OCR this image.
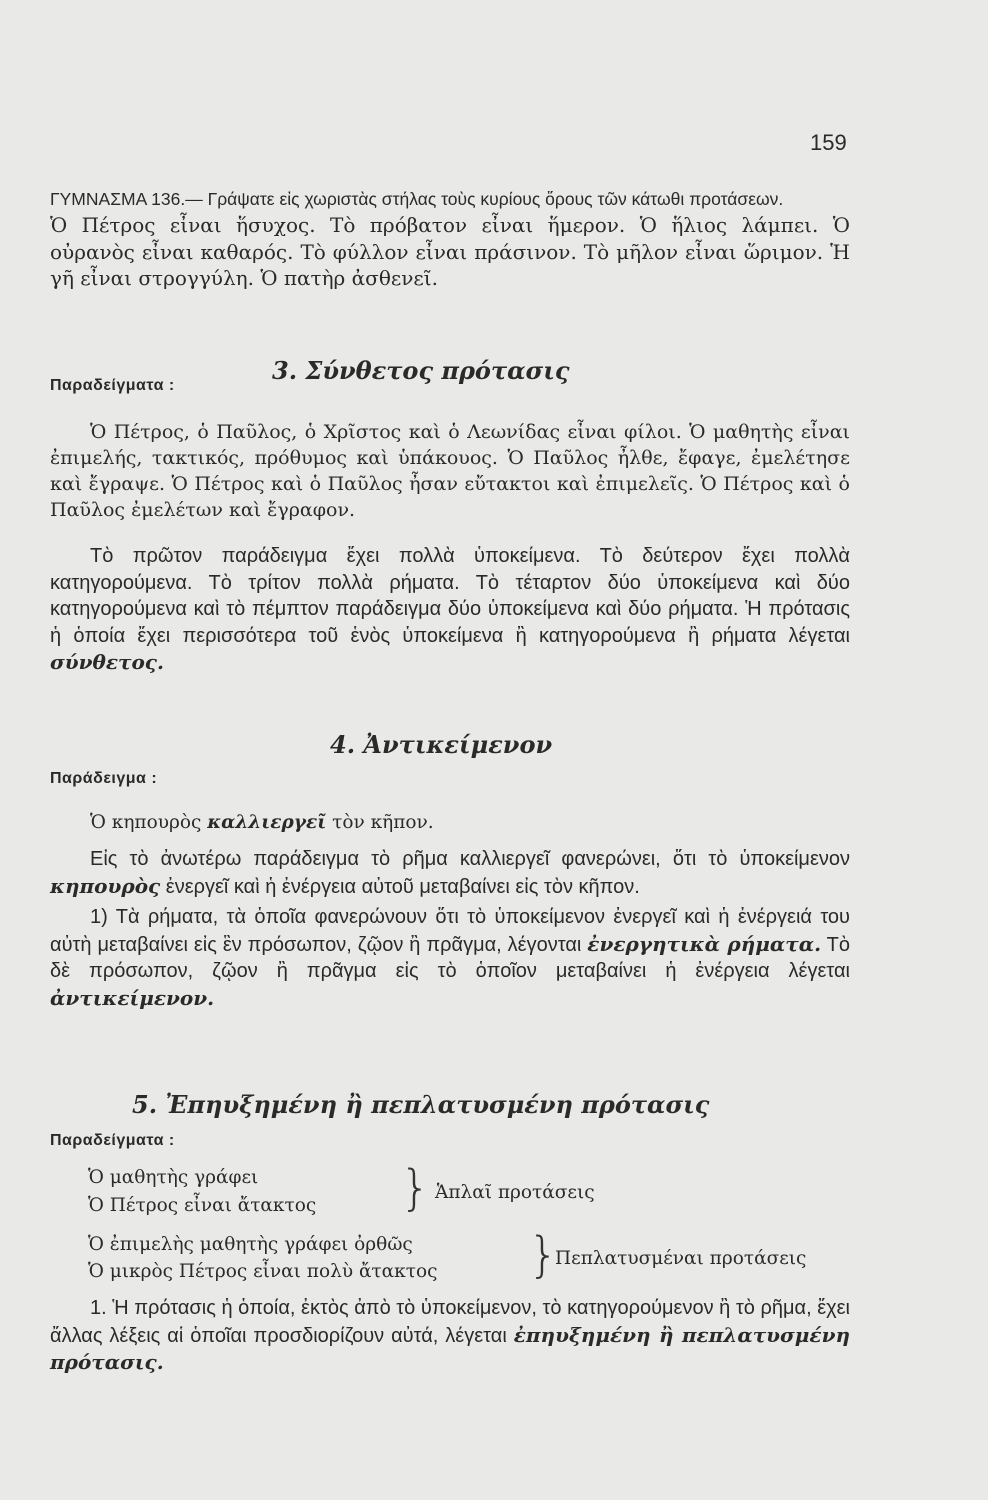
159

ΓΥΜΝΑΣΜΑ 136.— Γράψατε εἰς χωριστὰς στήλας τοὺς κυρίους ὅρους τῶν κάτωθι προτάσεων.

Ὁ Πέτρος εἶναι ἥσυχος. Τὸ πρόβατον εἶναι ἥμερον. Ὁ ἥλιος λάμπει. Ὁ οὐρανὸς εἶναι καθαρός. Τὸ φύλλον εἶναι πράσινον. Τὸ μῆλον εἶναι ὥριμον. Ἡ γῆ εἶναι στρογγύλη. Ὁ πατὴρ ἀσθενεῖ.

3. Σύνθετος πρότασις
Παραδείγματα :

Ὁ Πέτρος, ὁ Παῦλος, ὁ Χρῖστος καὶ ὁ Λεωνίδας εἶναι φίλοι. Ὁ μαθητὴς εἶναι ἐπιμελής, τακτικός, πρόθυμος καὶ ὑπάκουος. Ὁ Παῦλος ἦλθε, ἔφαγε, ἐμελέτησε καὶ ἔγραψε. Ὁ Πέτρος καὶ ὁ Παῦλος ἦσαν εὔτακτοι καὶ ἐπιμελεῖς. Ὁ Πέτρος καὶ ὁ Παῦλος ἐμελέτων καὶ ἔγραφον.

Τὸ πρῶτον παράδειγμα ἔχει πολλὰ ὑποκείμενα. Τὸ δεύτερον ἔχει πολλὰ κατηγορούμενα. Τὸ τρίτον πολλὰ ρήματα. Τὸ τέταρτον δύο ὑποκείμενα καὶ δύο κατηγορούμενα καὶ τὸ πέμπτον παράδειγμα δύο ὑποκείμενα καὶ δύο ρήματα. Ἡ πρότασις ἡ ὁποία ἔχει περισσότερα τοῦ ἑνὸς ὑποκείμενα ἢ κατηγορούμενα ἢ ρήματα λέγεται σύνθετος.

4. Ἀντικείμενον
Παράδειγμα :

Ὁ κηπουρὸς καλλιεργεῖ τὸν κῆπον.

Εἰς τὸ ἀνωτέρω παράδειγμα τὸ ρῆμα καλλιεργεῖ φανερώνει, ὅτι τὸ ὑποκείμενον κηπουρὸς ἐνεργεῖ καὶ ἡ ἐνέργεια αὐτοῦ μεταβαίνει εἰς τὸν κῆπον.

1) Τὰ ρήματα, τὰ ὁποῖα φανερώνουν ὅτι τὸ ὑποκείμενον ἐνεργεῖ καὶ ἡ ἐνέργειά του αὐτὴ μεταβαίνει εἰς ἓν πρόσωπον, ζῷον ἢ πρᾶγμα, λέγονται ἐνεργητικὰ ρήματα. Τὸ δὲ πρόσωπον, ζῷον ἢ πρᾶγμα εἰς τὸ ὁποῖον μεταβαίνει ἡ ἐνέργεια λέγεται ἀντικείμενον.

5. Ἐπηυξημένη ἢ πεπλατυσμένη πρότασις
Παραδείγματα :
Ὁ μαθητὴς γράφει
Ὁ Πέτρος εἶναι ἄτακτος } Ἁπλαῖ προτάσεις
Ὁ ἐπιμελὴς μαθητὴς γράφει ὀρθῶς
Ὁ μικρὸς Πέτρος εἶναι πολὺ ἄτακτος }
Πεπλατυσμέναι προτάσεις

1. Ἡ πρότασις ἡ ὁποία, ἐκτὸς ἀπὸ τὸ ὑποκείμενον, τὸ κατηγορούμενον ἢ τὸ ρῆμα, ἔχει ἄλλας λέξεις αἱ ὁποῖαι προσδιορίζουν αὐτά, λέγεται ἐπηυξημένη ἢ πεπλατυσμένη πρότασις.
